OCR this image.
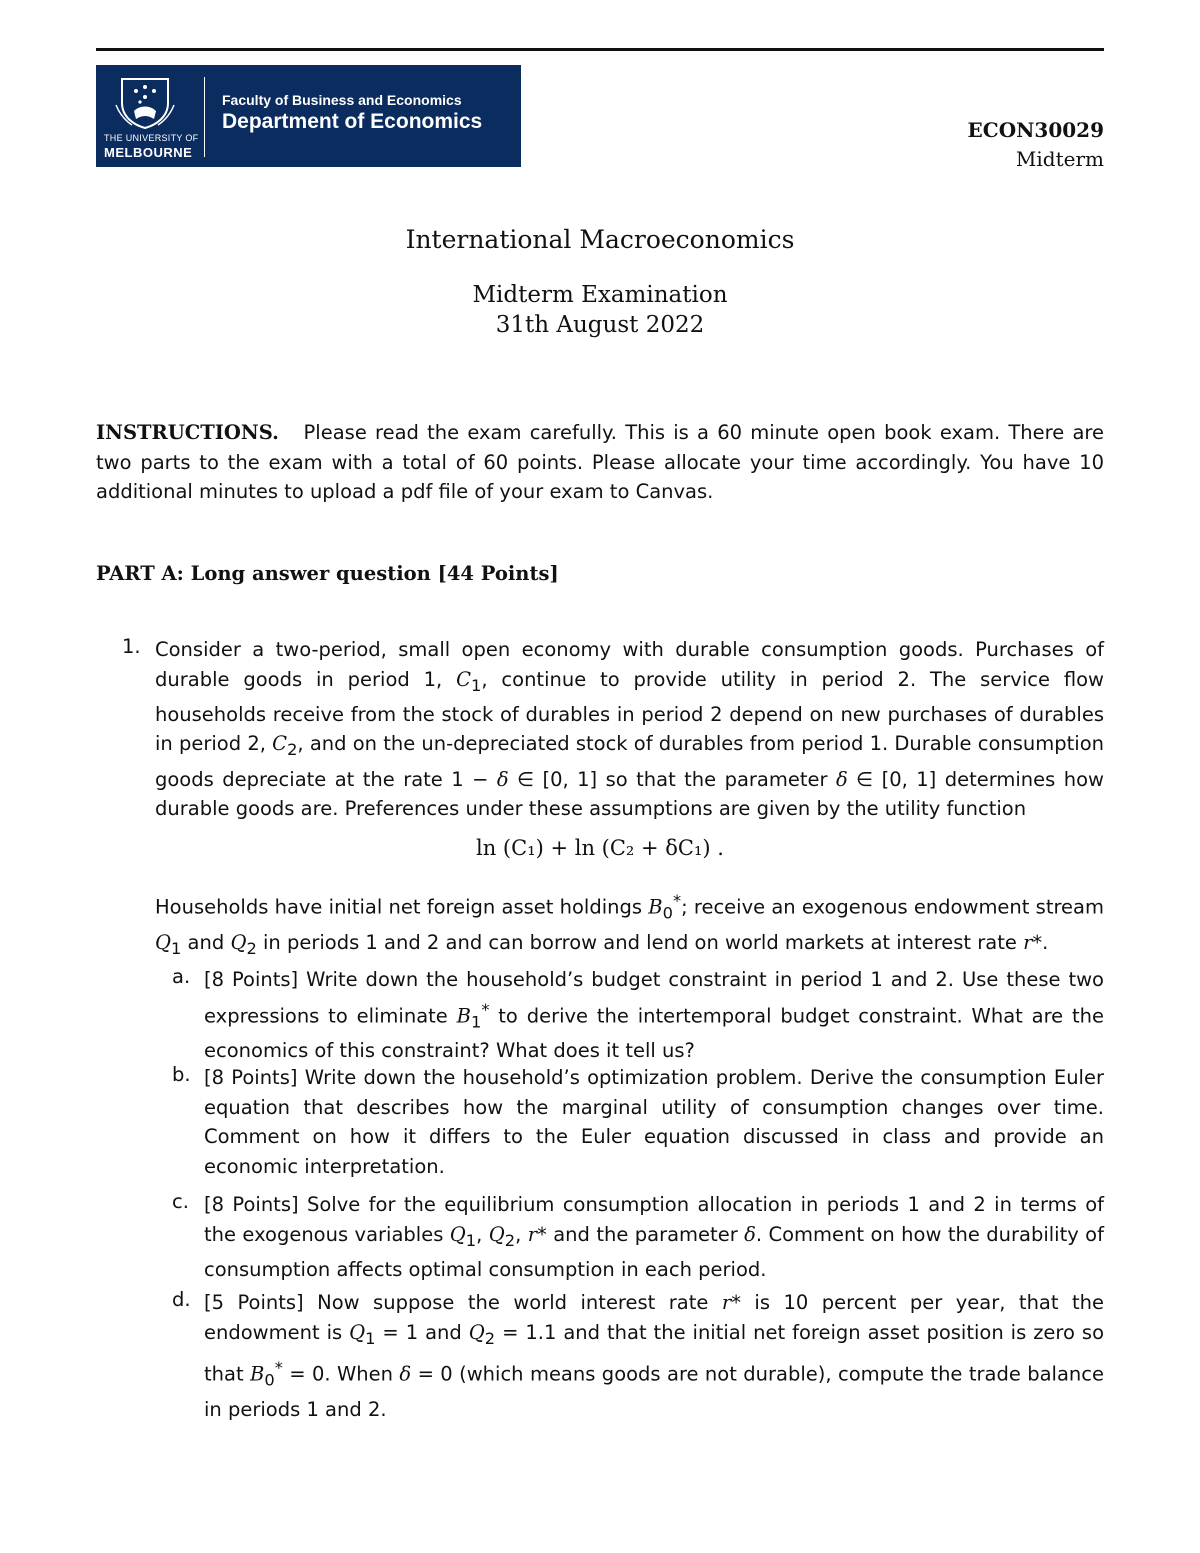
THE UNIVERSITY OF
MELBOURNE
Faculty of Business and Economics
Department of Economics	ECON30029
Midterm
International Macroeconomics
Midterm Examination
31th August 2022
INSTRUCTIONS. Please read the exam carefully. This is a 60 minute open book exam. There are two parts to the exam with a total of 60 points. Please allocate your time accordingly. You have 10 additional minutes to upload a pdf file of your exam to Canvas.
PART A: Long answer question [44 Points]
1. Consider a two-period, small open economy with durable consumption goods. Purchases of durable goods in period 1, $C_1$, continue to provide utility in period 2. The service flow households receive from the stock of durables in period 2 depend on new purchases of durables in period 2, $C_2$, and on the un-depreciated stock of durables from period 1. Durable consumption goods depreciate at the rate 1 − δ ∈ [0, 1] so that the parameter δ ∈ [0, 1] determines how durable goods are. Preferences under these assumptions are given by the utility function
ln (C₁) + ln (C₂ + δC₁) .
Households have initial net foreign asset holdings $B_0^*$; receive an exogenous endowment stream $Q_1$ and $Q_2$ in periods 1 and 2 and can borrow and lend on world markets at interest rate r*.
a. [8 Points] Write down the household’s budget constraint in period 1 and 2. Use these two expressions to eliminate $B_1^*$ to derive the intertemporal budget constraint. What are the economics of this constraint? What does it tell us?
b. [8 Points] Write down the household’s optimization problem. Derive the consumption Euler equation that describes how the marginal utility of consumption changes over time. Comment on how it differs to the Euler equation discussed in class and provide an economic interpretation.
c. [8 Points] Solve for the equilibrium consumption allocation in periods 1 and 2 in terms of the exogenous variables $Q_1$, $Q_2$, r* and the parameter δ. Comment on how the durability of consumption affects optimal consumption in each period.
d. [5 Points] Now suppose the world interest rate r* is 10 percent per year, that the endowment is $Q_1 = 1$ and $Q_2 = 1.1$ and that the initial net foreign asset position is zero so that $B_0^* = 0$. When δ = 0 (which means goods are not durable), compute the trade balance in periods 1 and 2.
